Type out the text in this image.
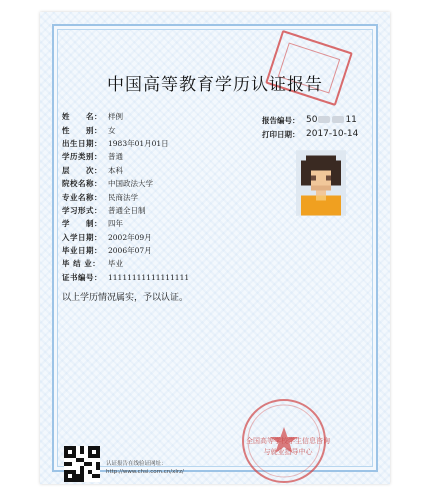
中国高等教育学历认证报告
姓　　名： 样例
性　　别： 女
出生日期： 1983年01月01日
学历类别： 普通
层　　次： 本科
院校名称： 中国政法大学
专业名称： 民商法学
学习形式： 普通全日制
学　　制： 四年
入学日期： 2002年09月
毕业日期： 2006年07月
毕 结 业：	毕业
证书编号： 11111111111111111
报告编号： 50	11
打印日期： 2017-10-14
以上学历情况属实，予以认证。
全国高等学校学生信息咨询
与就业指导中心
认证报告在线验证网址：
http://www.chsi.com.cn/xlrz/
